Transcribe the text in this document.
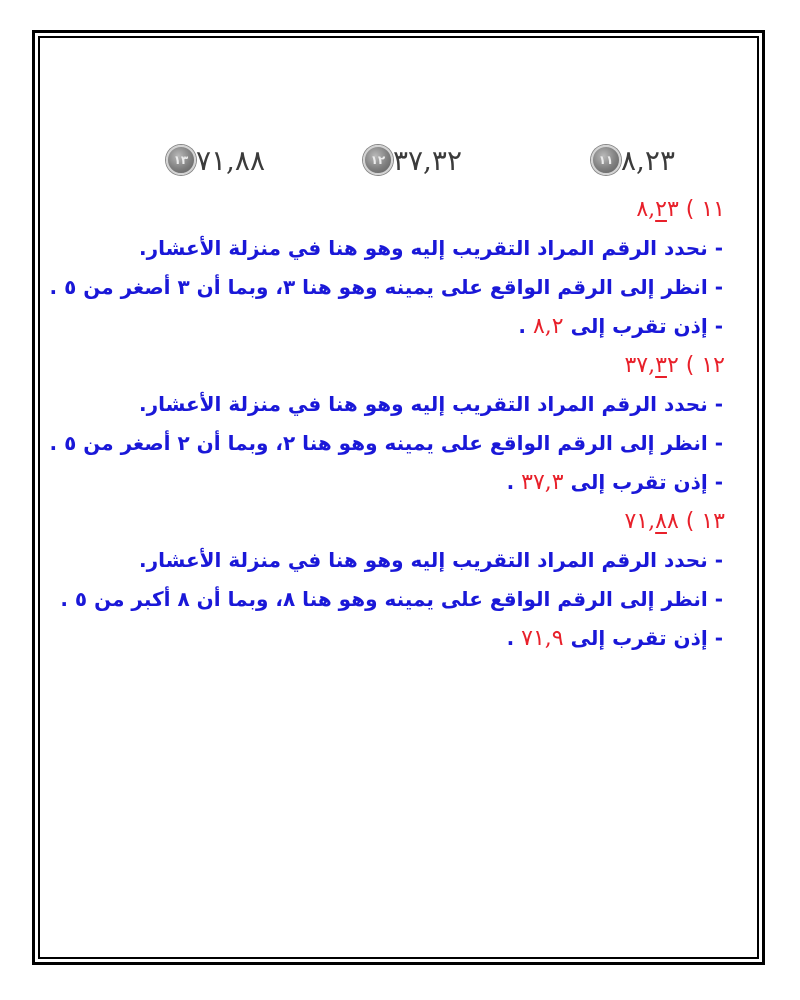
١١ ٨,٢٣
١٢ ٣٧,٣٢
١٣ ٧١,٨٨
١١ ) ٨,٢٣
- نحدد الرقم المراد التقريب إليه وهو هنا في منزلة الأعشار.
- انظر إلى الرقم الواقع على يمينه وهو هنا ٣، وبما أن ٣ أصغر من ٥ .
- إذن تقرب إلى ٨,٢ .
١٢ ) ٣٧,٣٢
- نحدد الرقم المراد التقريب إليه وهو هنا في منزلة الأعشار.
- انظر إلى الرقم الواقع على يمينه وهو هنا ٢، وبما أن ٢ أصغر من ٥ .
- إذن تقرب إلى ٣٧,٣ .
١٣ ) ٧١,٨٨
- نحدد الرقم المراد التقريب إليه وهو هنا في منزلة الأعشار.
- انظر إلى الرقم الواقع على يمينه وهو هنا ٨، وبما أن ٨ أكبر من ٥ .
- إذن تقرب إلى ٧١,٩ .
